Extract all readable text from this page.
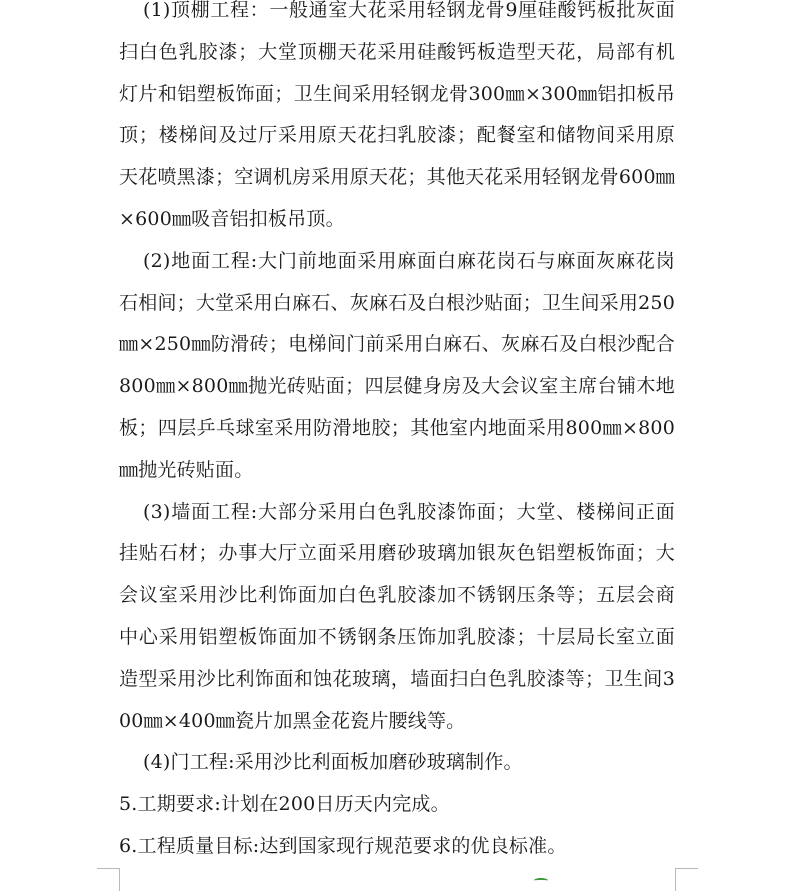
(1)顶棚工程：一般通室大花采用轻钢龙骨9厘硅酸钙板批灰面扫白色乳胶漆；大堂顶棚天花采用硅酸钙板造型天花，局部有机灯片和铝塑板饰面；卫生间采用轻钢龙骨300㎜×300㎜铝扣板吊顶；楼梯间及过厅采用原天花扫乳胶漆；配餐室和储物间采用原天花喷黑漆；空调机房采用原天花；其他天花采用轻钢龙骨600㎜×600㎜吸音铝扣板吊顶。

(2)地面工程:大门前地面采用麻面白麻花岗石与麻面灰麻花岗石相间；大堂采用白麻石、灰麻石及白根沙贴面；卫生间采用250㎜×250㎜防滑砖；电梯间门前采用白麻石、灰麻石及白根沙配合800㎜×800㎜抛光砖贴面；四层健身房及大会议室主席台铺木地板；四层乒乓球室采用防滑地胶；其他室内地面采用800㎜×800㎜抛光砖贴面。

(3)墙面工程:大部分采用白色乳胶漆饰面；大堂、楼梯间正面挂贴石材；办事大厅立面采用磨砂玻璃加银灰色铝塑板饰面；大会议室采用沙比利饰面加白色乳胶漆加不锈钢压条等；五层会商中心采用铝塑板饰面加不锈钢条压饰加乳胶漆；十层局长室立面造型采用沙比利饰面和蚀花玻璃，墙面扫白色乳胶漆等；卫生间300㎜×400㎜瓷片加黑金花瓷片腰线等。

(4)门工程:采用沙比利面板加磨砂玻璃制作。

5.工期要求:计划在200日历天内完成。

6.工程质量目标:达到国家现行规范要求的优良标准。
